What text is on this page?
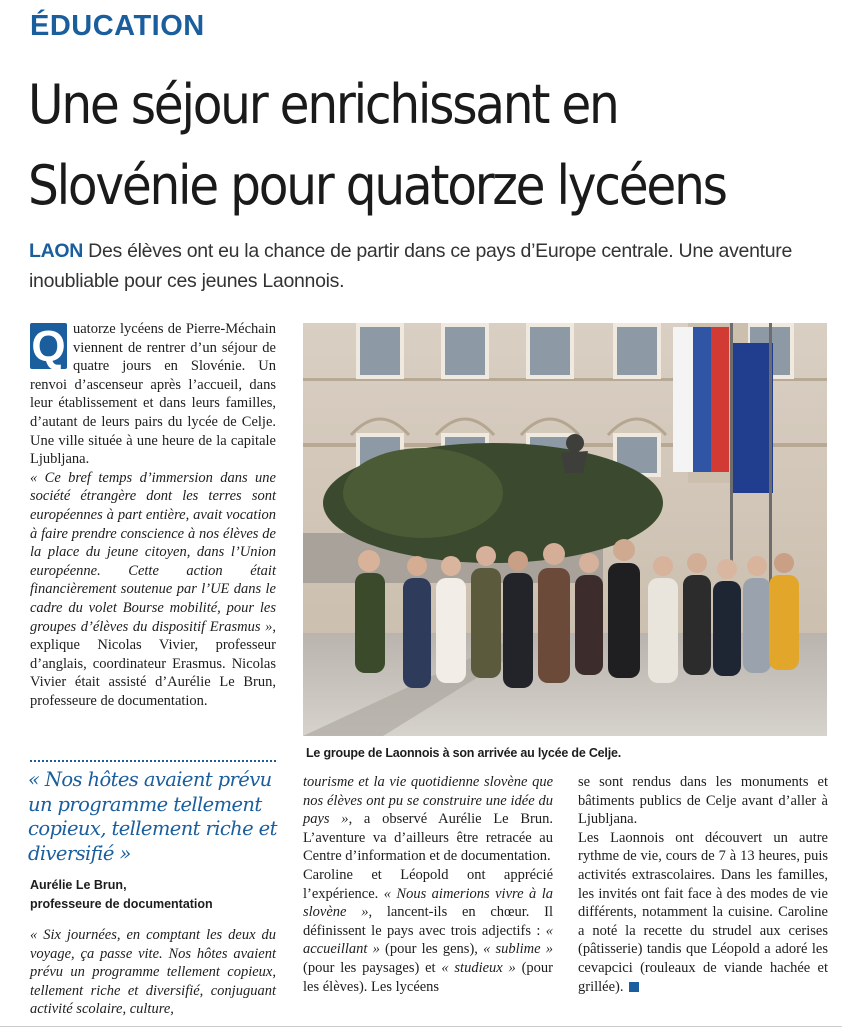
ÉDUCATION
Une séjour enrichissant en
Slovénie pour quatorze lycéens
LAON Des élèves ont eu la chance de partir dans ce pays d’Europe centrale. Une aventure inoubliable pour ces jeunes Laonnois.
Q uatorze lycéens de Pierre-Méchain viennent de rentrer d’un séjour de quatre jours en Slovénie. Un renvoi d’ascenseur après l’accueil, dans leur établissement et dans leurs familles, d’autant de leurs pairs du lycée de Celje. Une ville située à une heure de la capitale Ljubljana.
« Ce bref temps d’immersion dans une société étrangère dont les terres sont européennes à part entière, avait vocation à faire prendre conscience à nos élèves de la place du jeune citoyen, dans l’Union européenne. Cette action était financièrement soutenue par l’UE dans le cadre du volet Bourse mobilité, pour les groupes d’élèves du dispositif Erasmus », explique Nicolas Vivier, professeur d’anglais, coordinateur Erasmus. Nicolas Vivier était assisté d’Aurélie Le Brun, professeure de documentation.
Le groupe de Laonnois à son arrivée au lycée de Celje.
« Nos hôtes avaient prévu un programme tellement copieux, tellement riche et diversifié »
Aurélie Le Brun,
professeure de documentation
« Six journées, en comptant les deux du voyage, ça passe vite. Nos hôtes avaient prévu un programme tellement copieux, tellement riche et diversifié, conjuguant activité scolaire, culture,
tourisme et la vie quotidienne slovène que nos élèves ont pu se construire une idée du pays », a observé Aurélie Le Brun. L’aventure va d’ailleurs être retracée au Centre d’information et de documentation.
Caroline et Léopold ont apprécié l’expérience. « Nous aimerions vivre à la slovène », lancent-ils en chœur. Il définissent le pays avec trois adjectifs : « accueillant » (pour les gens), « sublime » (pour les paysages) et « studieux » (pour les élèves). Les lycéens
se sont rendus dans les monuments et bâtiments publics de Celje avant d’aller à Ljubljana.
Les Laonnois ont découvert un autre rythme de vie, cours de 7 à 13 heures, puis activités extrascolaires. Dans les familles, les invités ont fait face à des modes de vie différents, notamment la cuisine. Caroline a noté la recette du strudel aux cerises (pâtisserie) tandis que Léopold a adoré les cevapcici (rouleaux de viande hachée et grillée).
